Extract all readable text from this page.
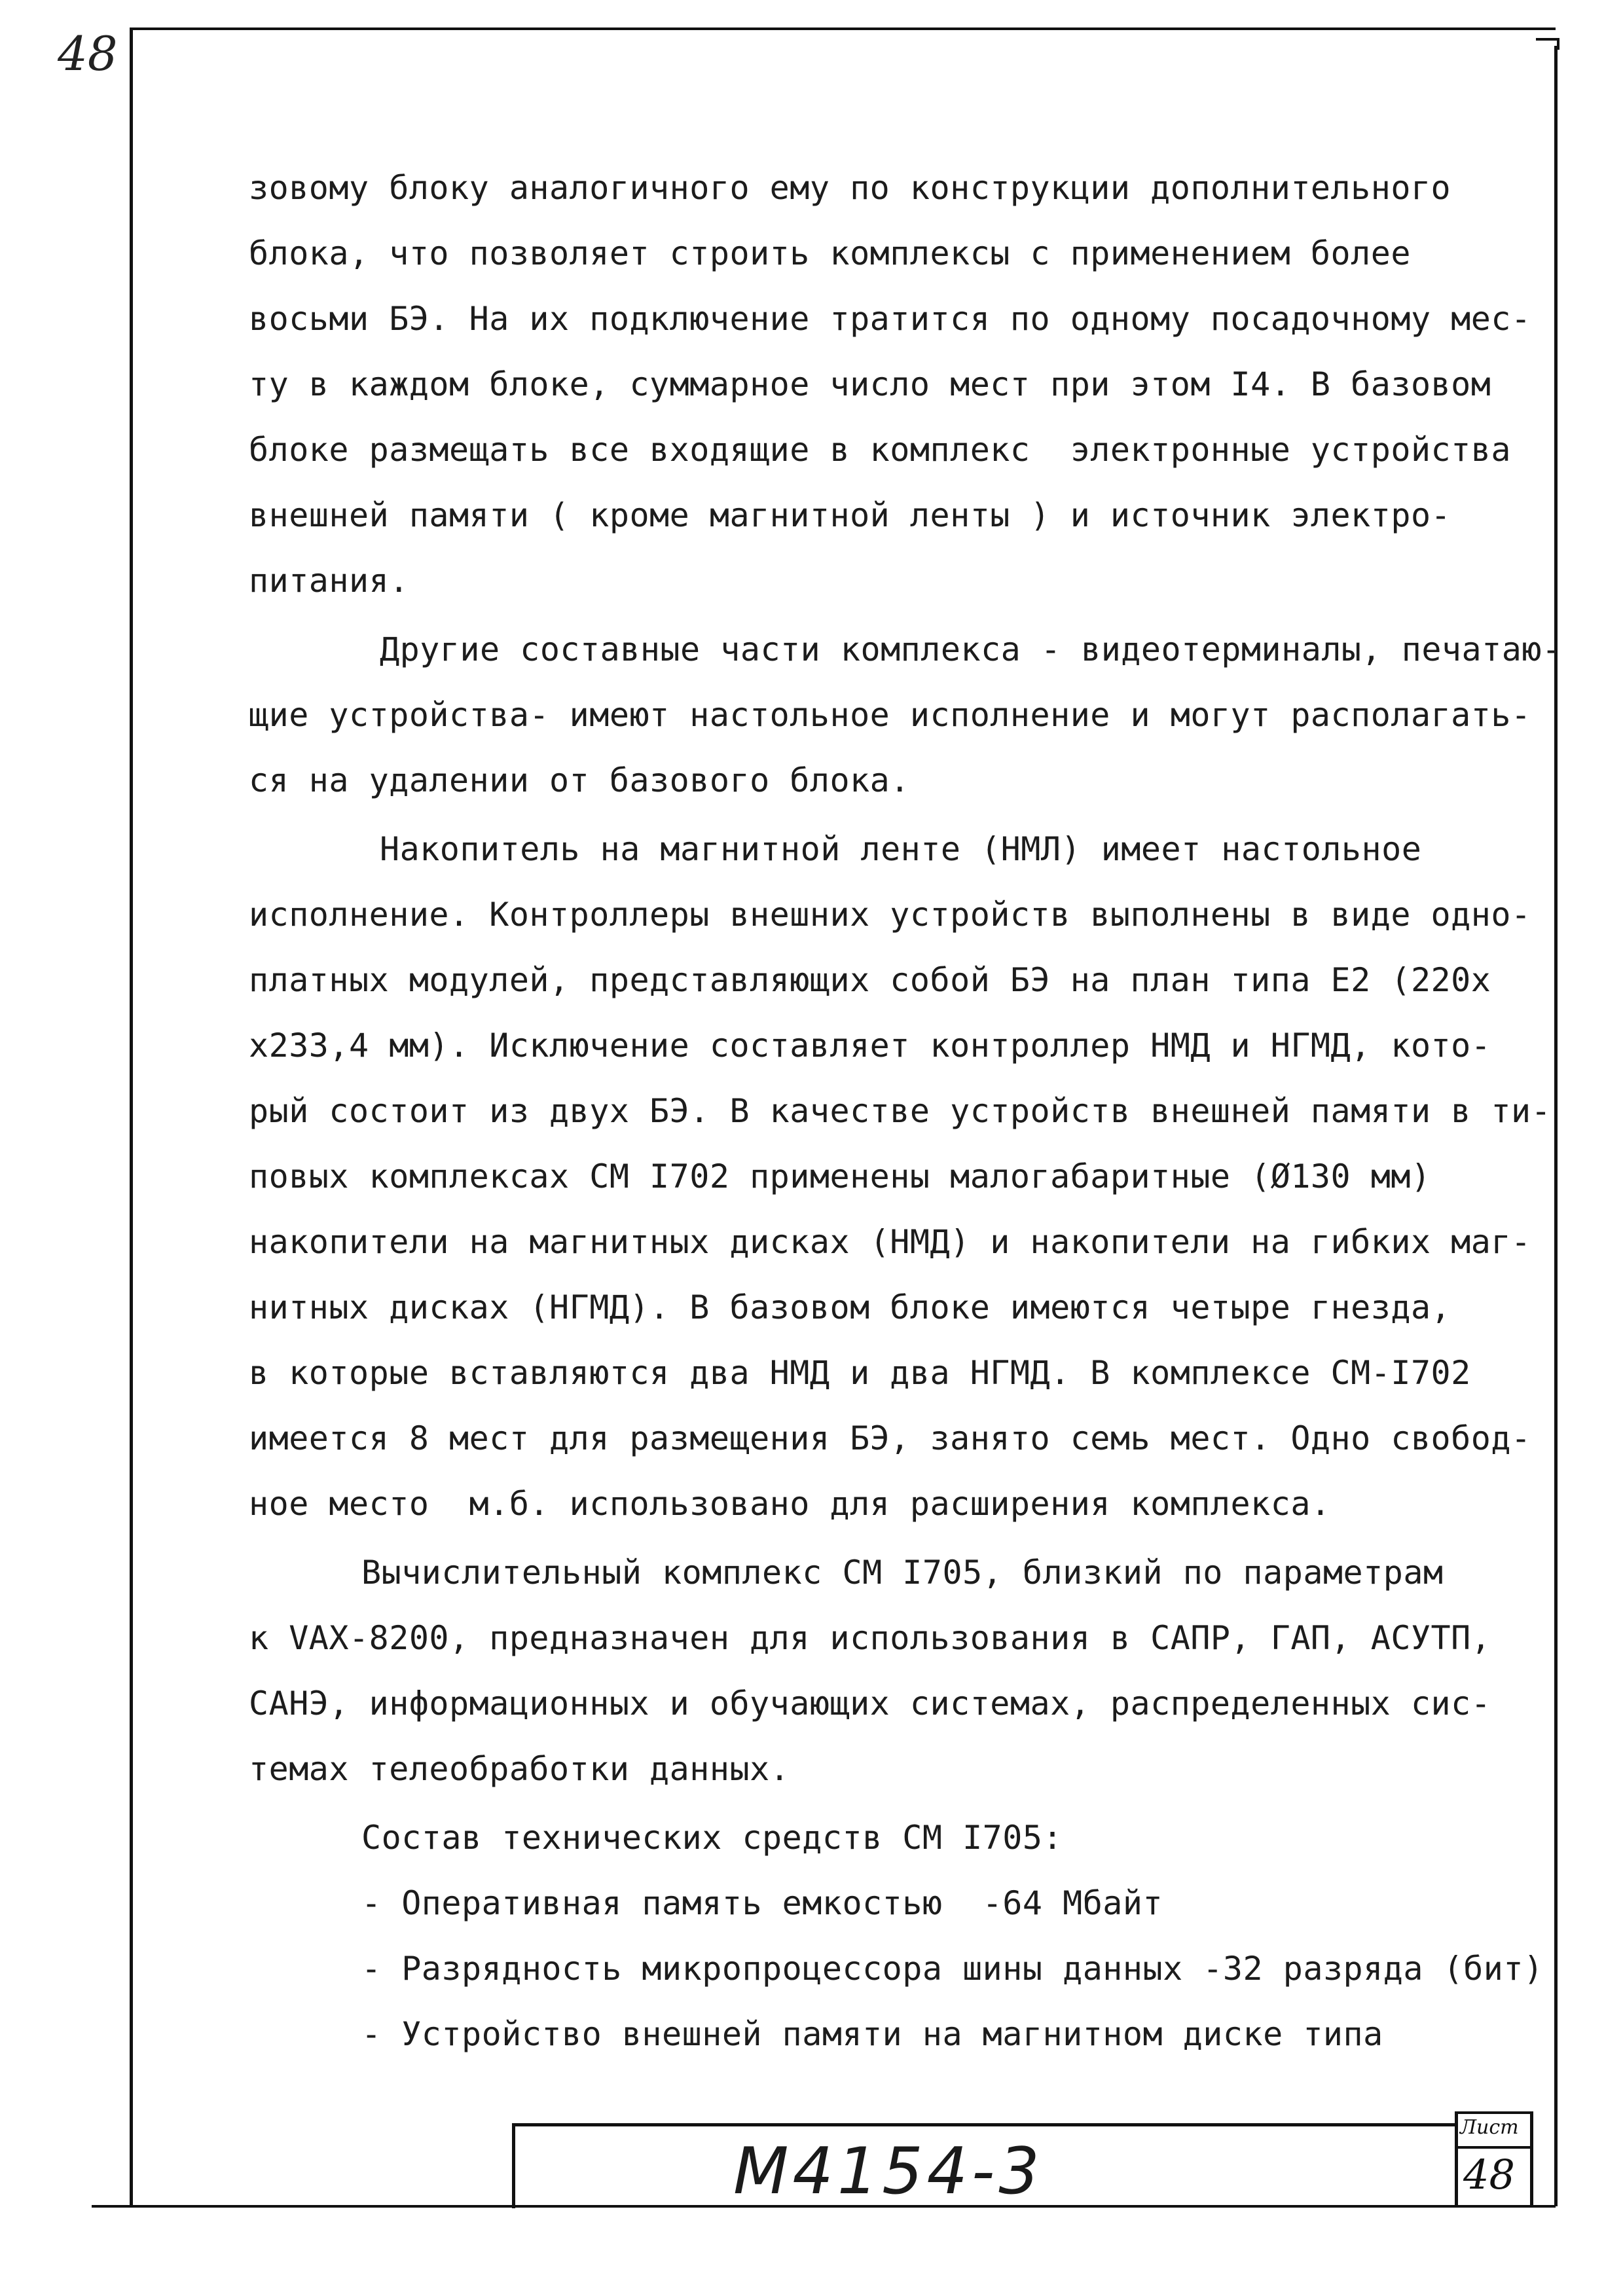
48
зовому блоку аналогичного ему по конструкции дополнительного
блока, что позволяет строить комплексы с применением более
восьми БЭ. На их подключение тратится по одному посадочному мес-
ту в каждом блоке, суммарное число мест при этом I4. В базовом
блоке размещать все входящие в комплекс  электронные устройства
внешней памяти ( кроме магнитной ленты ) и источник электро-
питания.
Другие составные части комплекса - видеотерминалы, печатаю-
щие устройства- имеют настольное исполнение и могут располагать-
ся на удалении от базового блока.
Накопитель на магнитной ленте (НМЛ) имеет настольное
исполнение. Контроллеры внешних устройств выполнены в виде одно-
платных модулей, представляющих собой БЭ на план типа Е2 (220х
х233,4 мм). Исключение составляет контроллер НМД и НГМД, кото-
рый состоит из двух БЭ. В качестве устройств внешней памяти в ти-
повых комплексах СМ I702 применены малогабаритные (Ø130 мм)
накопители на магнитных дисках (НМД) и накопители на гибких маг-
нитных дисках (НГМД). В базовом блоке имеются четыре гнезда,
в которые вставляются два НМД и два НГМД. В комплексе СМ-I702
имеется 8 мест для размещения БЭ, занято семь мест. Одно свобод-
ное место  м.б. использовано для расширения комплекса.
Вычислительный комплекс СМ I705, близкий по параметрам
к VAX-8200, предназначен для использования в САПР, ГАП, АСУТП,
САНЭ, информационных и обучающих системах, распределенных сис-
темах телеобработки данных.
Состав технических средств СМ I705:
- Оперативная память емкостью  -64 Мбайт
- Разрядность микропроцессора шины данных -32 разряда (бит)
- Устройство внешней памяти на магнитном диске типа
М4154-3
Лист
48
